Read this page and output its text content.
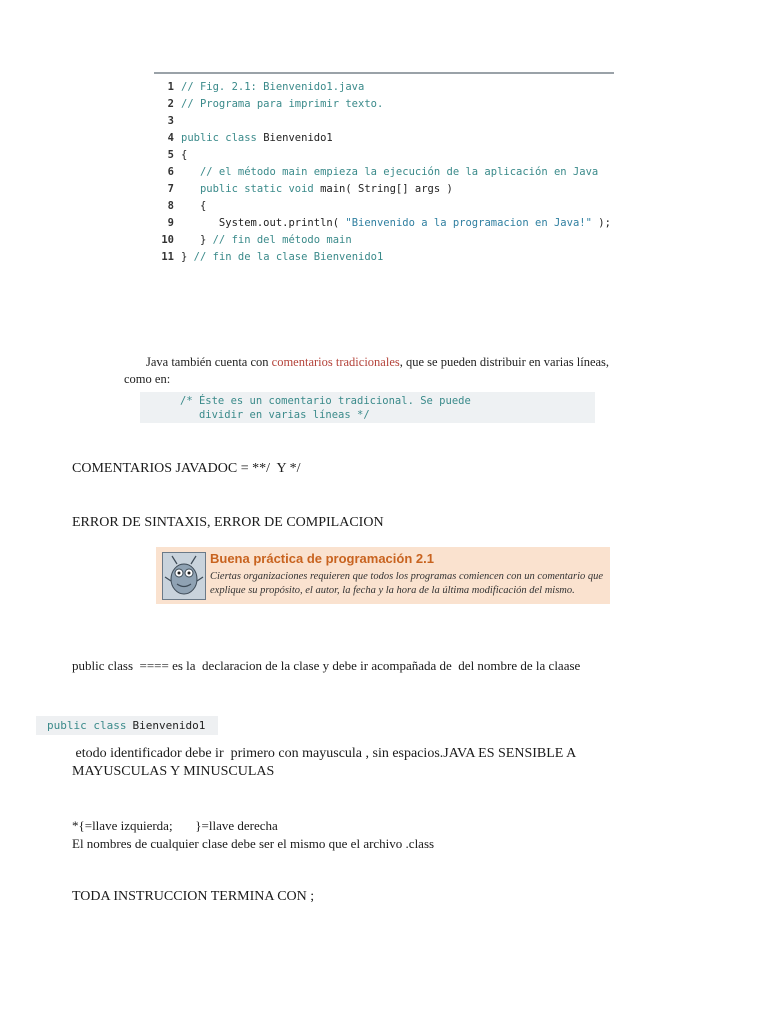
1 // Fig. 2.1: Bienvenido1.java
2 // Programa para imprimir texto.
3
4 public class Bienvenido1
5 {
6 // el método main empieza la ejecución de la aplicación en Java
7 public static void main( String[] args )
8 {
9 System.out.println( "Bienvenido a la programacion en Java!" );
10 } // fin del método main
11 } // fin de la clase Bienvenido1
Java también cuenta con comentarios tradicionales, que se pueden distribuir en varias líneas,
como en:
/* Éste es un comentario tradicional. Se puede
dividir en varias líneas */
COMENTARIOS JAVADOC = **/  Y */
ERROR DE SINTAXIS, ERROR DE COMPILACION
Buena práctica de programación 2.1
Ciertas organizaciones requieren que todos los programas comiencen con un comentario que explique su propósito, el autor, la fecha y la hora de la última modificación del mismo.
public class  ==== es la  declaracion de la clase y debe ir acompañada de  del nombre de la claase
public class Bienvenido1
etodo identificador debe ir  primero con mayuscula , sin espacios.JAVA ES SENSIBLE A
MAYUSCULAS Y MINUSCULAS
*{=llave izquierda;       }=llave derecha
El nombres de cualquier clase debe ser el mismo que el archivo .class
TODA INSTRUCCION TERMINA CON ;
